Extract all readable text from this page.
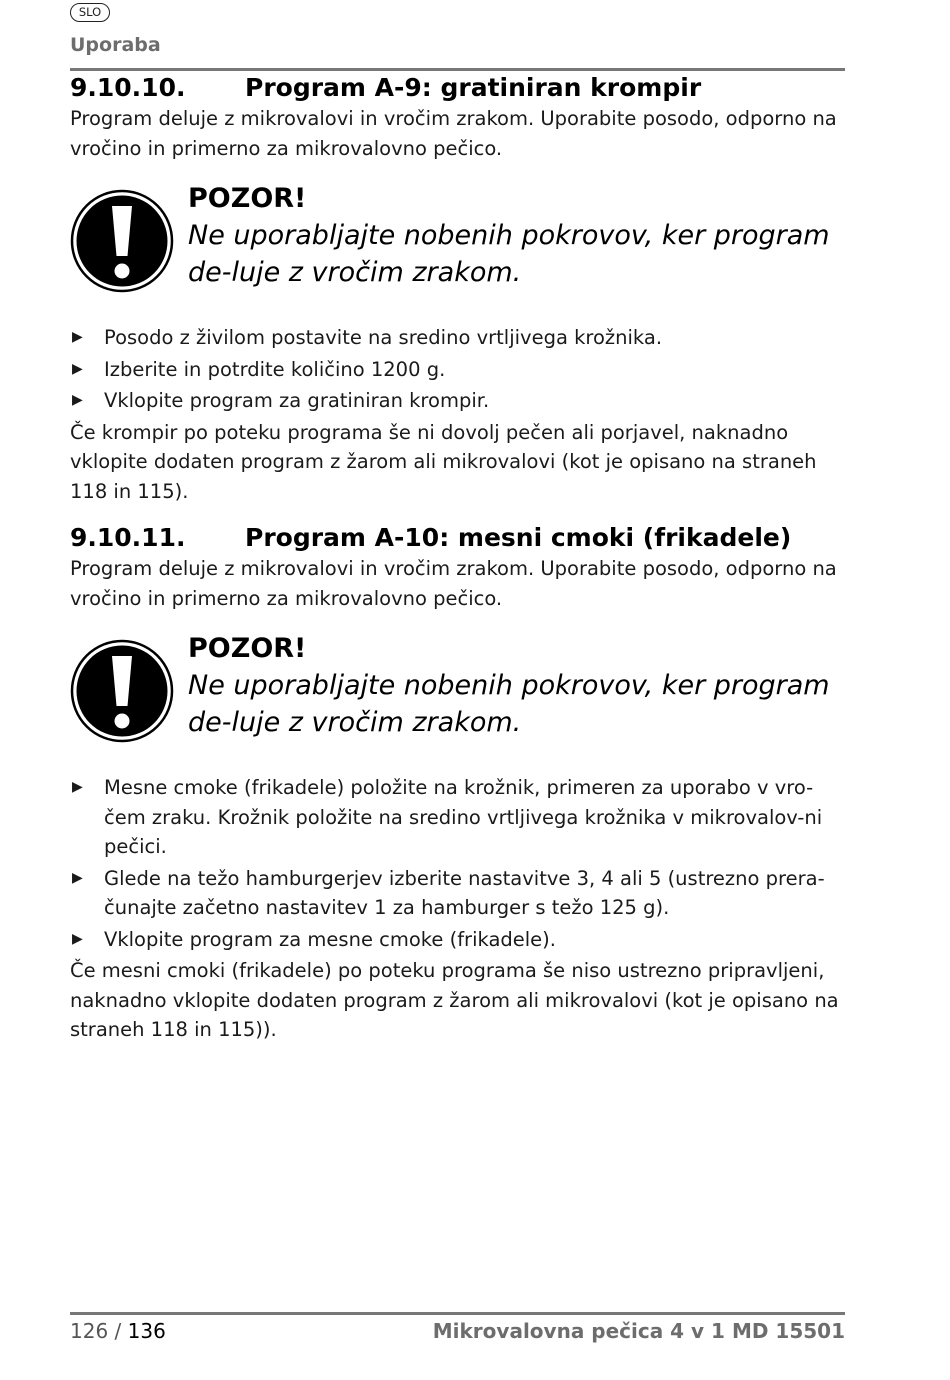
SLO
Uporaba
9.10.10.	Program A-9: gratiniran krompir

Program deluje z mikrovalovi in vročim zrakom. Uporabite posodo, odporno na vročino in primerno za mikrovalovno pečico.

POZOR!
Ne uporabljajte nobenih pokrovov, ker program de-luje z vročim zrakom.
▶	Posodo z živilom postavite na sredino vrtljivega krožnika.
▶	Izberite in potrdite količino 1200 g.
▶	Vklopite program za gratiniran krompir.

Če krompir po poteku programa še ni dovolj pečen ali porjavel, naknadno vklopite dodaten program z žarom ali mikrovalovi (kot je opisano na straneh 118 in 115).

9.10.11.	Program A-10: mesni cmoki (frikadele)

Program deluje z mikrovalovi in vročim zrakom. Uporabite posodo, odporno na vročino in primerno za mikrovalovno pečico.

POZOR!
Ne uporabljajte nobenih pokrovov, ker program de-luje z vročim zrakom.
▶	Mesne cmoke (frikadele) položite na krožnik, primeren za uporabo v vro-čem zraku. Krožnik položite na sredino vrtljivega krožnika v mikrovalov-ni pečici.
▶	Glede na težo hamburgerjev izberite nastavitve 3, 4 ali 5 (ustrezno prera-čunajte začetno nastavitev 1 za hamburger s težo 125 g).
▶	Vklopite program za mesne cmoke (frikadele).

Če mesni cmoki (frikadele) po poteku programa še niso ustrezno pripravljeni, naknadno vklopite dodaten program z žarom ali mikrovalovi (kot je opisano na straneh 118 in 115)).

126 / 136	Mikrovalovna pečica 4 v 1 MD 15501
